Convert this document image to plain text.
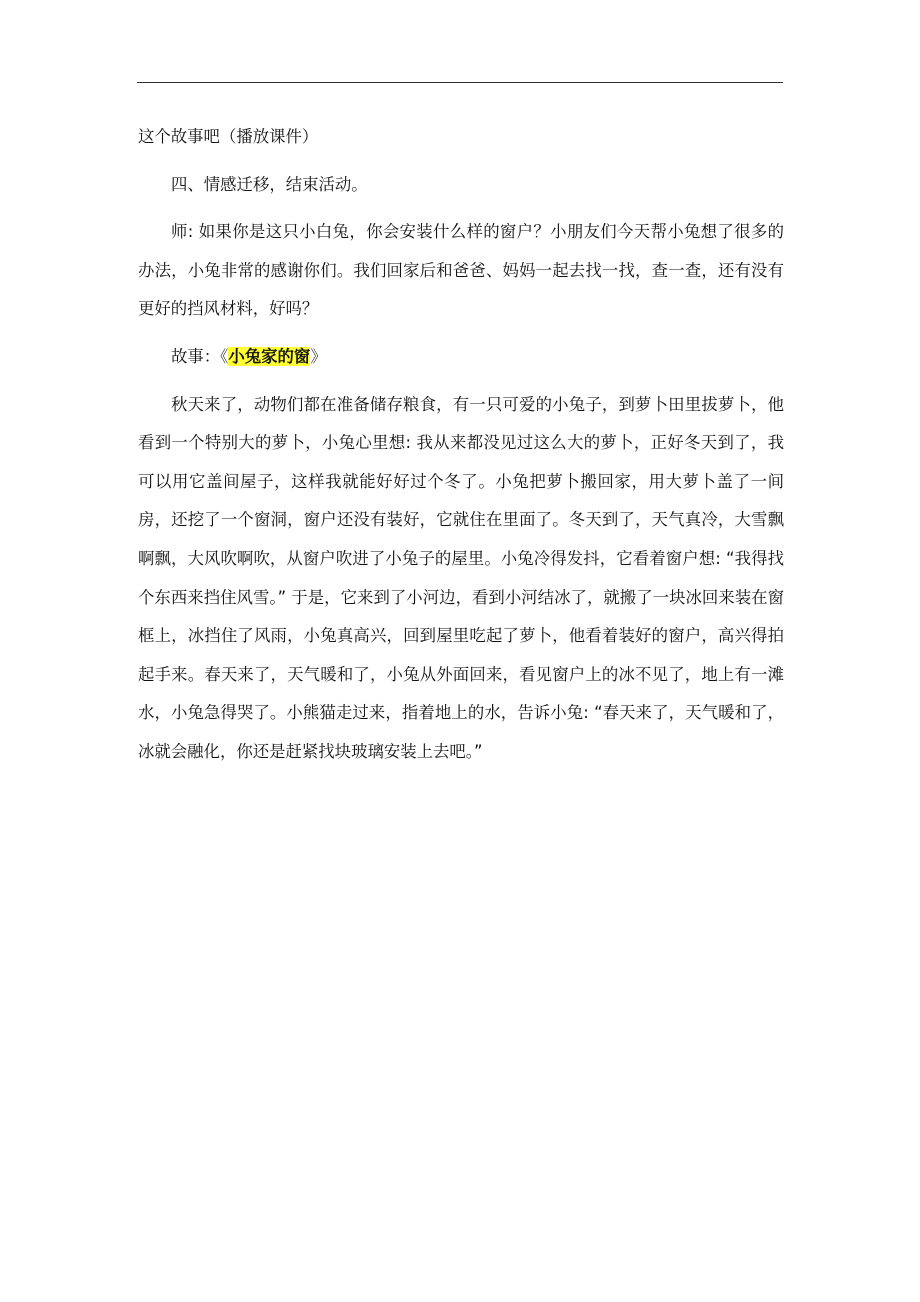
这个故事吧（播放课件）

四、情感迁移，结束活动。

师: 如果你是这只小白兔，你会安装什么样的窗户？小朋友们今天帮小兔想了很多的办法，小兔非常的感谢你们。我们回家后和爸爸、妈妈一起去找一找，查一查，还有没有更好的挡风材料，好吗？

故事：《小兔家的窗》

秋天来了，动物们都在准备储存粮食，有一只可爱的小兔子，到萝卜田里拔萝卜，他看到一个特别大的萝卜，小兔心里想: 我从来都没见过这么大的萝卜，正好冬天到了，我可以用它盖间屋子，这样我就能好好过个冬了。小兔把萝卜搬回家，用大萝卜盖了一间房，还挖了一个窗洞，窗户还没有装好，它就住在里面了。冬天到了，天气真冷，大雪飘啊飘，大风吹啊吹，从窗户吹进了小兔子的屋里。小兔冷得发抖，它看着窗户想: “我得找个东西来挡住风雪。” 于是，它来到了小河边，看到小河结冰了，就搬了一块冰回来装在窗框上，冰挡住了风雨，小兔真高兴，回到屋里吃起了萝卜，他看着装好的窗户，高兴得拍起手来。春天来了，天气暖和了，小兔从外面回来，看见窗户上的冰不见了，地上有一滩水，小兔急得哭了。小熊猫走过来，指着地上的水，告诉小兔: “春天来了，天气暖和了，冰就会融化，你还是赶紧找块玻璃安装上去吧。”
